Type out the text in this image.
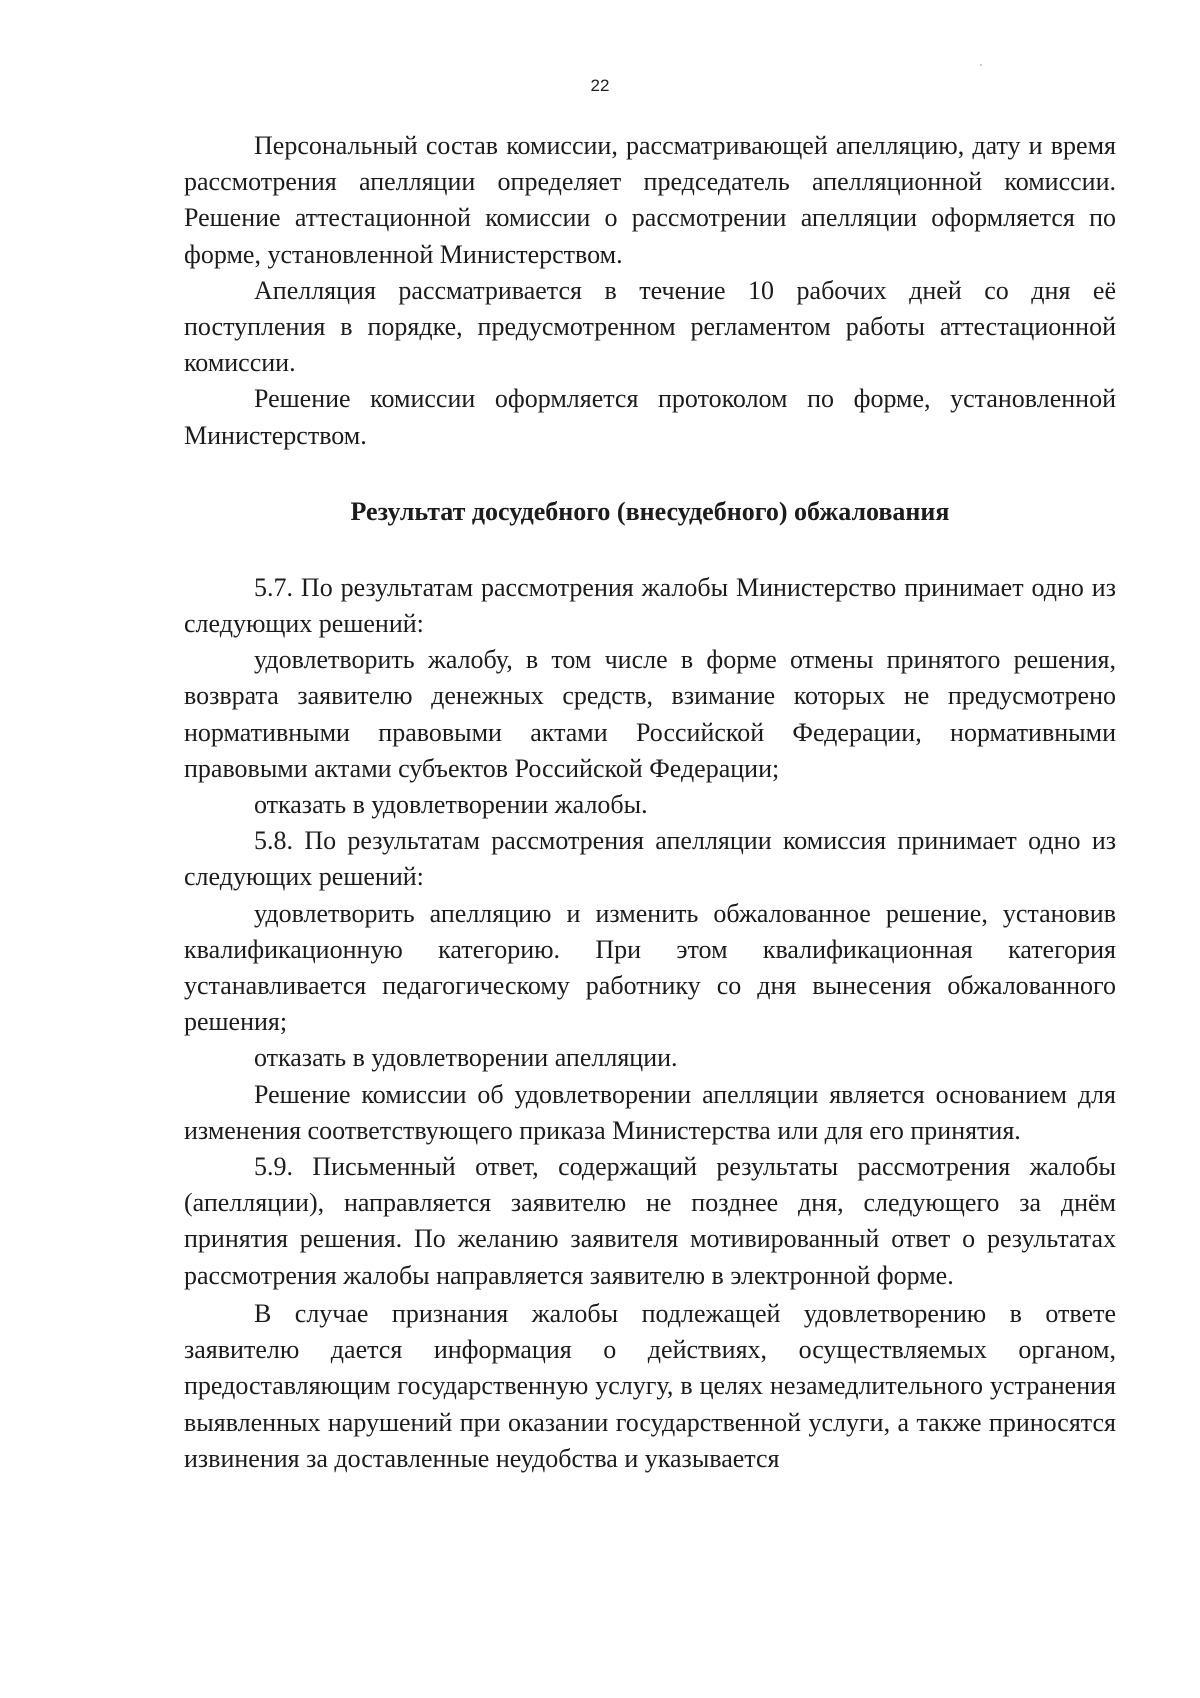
22

Персональный состав комиссии, рассматривающей апелляцию, дату и время рассмотрения апелляции определяет председатель апелляционной комиссии. Решение аттестационной комиссии о рассмотрении апелляции оформляется по форме, установленной Министерством.

Апелляция рассматривается в течение 10 рабочих дней со дня её поступления в порядке, предусмотренном регламентом работы аттестационной комиссии.

Решение комиссии оформляется протоколом по форме, установленной Министерством.

Результат досудебного (внесудебного) обжалования

5.7. По результатам рассмотрения жалобы Министерство принимает одно из следующих решений:

удовлетворить жалобу, в том числе в форме отмены принятого решения, возврата заявителю денежных средств, взимание которых не предусмотрено нормативными правовыми актами Российской Федерации, нормативными правовыми актами субъектов Российской Федерации;

отказать в удовлетворении жалобы.

5.8. По результатам рассмотрения апелляции комиссия принимает одно из следующих решений:

удовлетворить апелляцию и изменить обжалованное решение, установив квалификационную категорию. При этом квалификационная категория устанавливается педагогическому работнику со дня вынесения обжалованного решения;

отказать в удовлетворении апелляции.

Решение комиссии об удовлетворении апелляции является основанием для изменения соответствующего приказа Министерства или для его принятия.

5.9. Письменный ответ, содержащий результаты рассмотрения жалобы (апелляции), направляется заявителю не позднее дня, следующего за днём принятия решения. По желанию заявителя мотивированный ответ о результатах рассмотрения жалобы направляется заявителю в электронной форме.

В случае признания жалобы подлежащей удовлетворению в ответе заявителю дается информация о действиях, осуществляемых органом, предоставляющим государственную услугу, в целях незамедлительного устранения выявленных нарушений при оказании государственной услуги, а также приносятся извинения за доставленные неудобства и указывается
